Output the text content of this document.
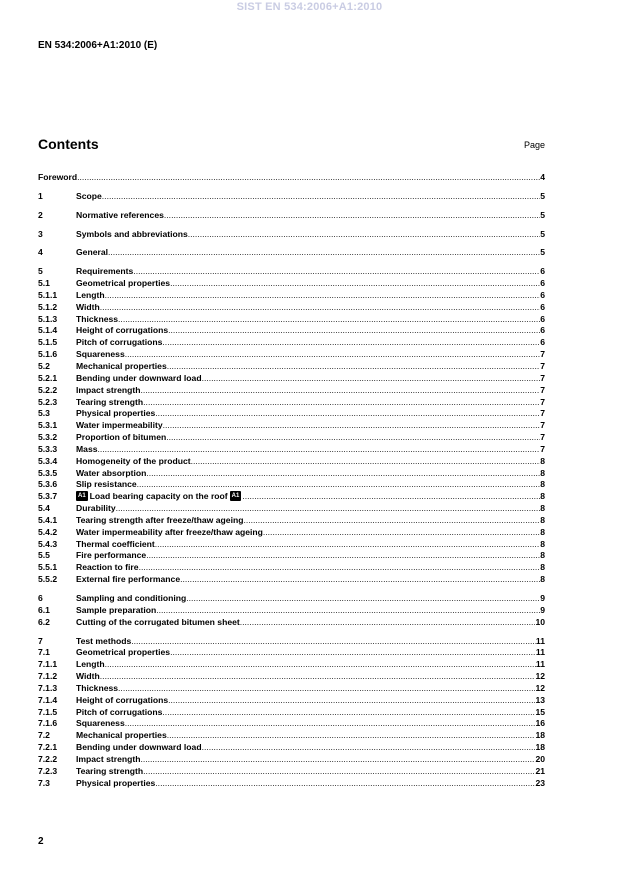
SIST EN 534:2006+A1:2010
EN 534:2006+A1:2010 (E)
Contents	Page
Foreword .....	4
1	Scope .....	5
2	Normative references .....	5
3	Symbols and abbreviations .....	5
4	General .....	5
5	Requirements .....	6
5.1	Geometrical properties .....	6
5.1.1	Length .....	6
5.1.2	Width .....	6
5.1.3	Thickness .....	6
5.1.4	Height of corrugations .....	6
5.1.5	Pitch of corrugations .....	6
5.1.6	Squareness .....	7
5.2	Mechanical properties .....	7
5.2.1	Bending under downward load .....	7
5.2.2	Impact strength .....	7
5.2.3	Tearing strength .....	7
5.3	Physical properties .....	7
5.3.1	Water impermeability .....	7
5.3.2	Proportion of bitumen .....	7
5.3.3	Mass .....	7
5.3.4	Homogeneity of the product .....	8
5.3.5	Water absorption .....	8
5.3.6	Slip resistance .....	8
5.3.7	A1 Load bearing capacity on the roof A1 .....	8
5.4	Durability .....	8
5.4.1	Tearing strength after freeze/thaw ageing .....	8
5.4.2	Water impermeability after freeze/thaw ageing .....	8
5.4.3	Thermal coefficient .....	8
5.5	Fire performance .....	8
5.5.1	Reaction to fire .....	8
5.5.2	External fire performance .....	8
6	Sampling and conditioning .....	9
6.1	Sample preparation .....	9
6.2	Cutting of the corrugated bitumen sheet .....	10
7	Test methods .....	11
7.1	Geometrical properties .....	11
7.1.1	Length .....	11
7.1.2	Width .....	12
7.1.3	Thickness .....	12
7.1.4	Height of corrugations .....	13
7.1.5	Pitch of corrugations .....	15
7.1.6	Squareness .....	16
7.2	Mechanical properties .....	18
7.2.1	Bending under downward load .....	18
7.2.2	Impact strength .....	20
7.2.3	Tearing strength .....	21
7.3	Physical properties .....	23
2
